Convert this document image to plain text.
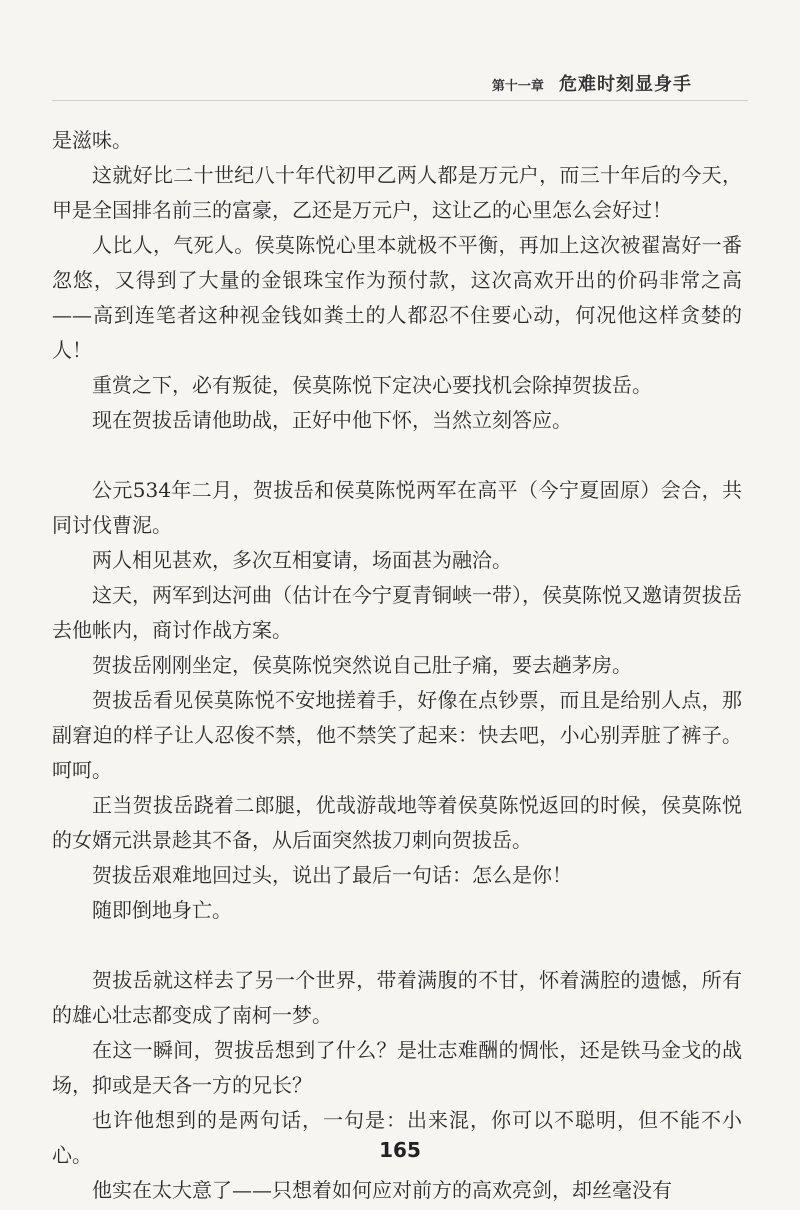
第十一章 危难时刻显身手

是滋味。

这就好比二十世纪八十年代初甲乙两人都是万元户，而三十年后的今天，甲是全国排名前三的富豪，乙还是万元户，这让乙的心里怎么会好过！

人比人，气死人。侯莫陈悦心里本就极不平衡，再加上这次被翟嵩好一番忽悠，又得到了大量的金银珠宝作为预付款，这次高欢开出的价码非常之高——高到连笔者这种视金钱如粪土的人都忍不住要心动，何况他这样贪婪的人！

重赏之下，必有叛徒，侯莫陈悦下定决心要找机会除掉贺拔岳。

现在贺拔岳请他助战，正好中他下怀，当然立刻答应。

公元534年二月，贺拔岳和侯莫陈悦两军在高平（今宁夏固原）会合，共同讨伐曹泥。

两人相见甚欢，多次互相宴请，场面甚为融洽。

这天，两军到达河曲（估计在今宁夏青铜峡一带），侯莫陈悦又邀请贺拔岳去他帐内，商讨作战方案。

贺拔岳刚刚坐定，侯莫陈悦突然说自己肚子痛，要去趟茅房。

贺拔岳看见侯莫陈悦不安地搓着手，好像在点钞票，而且是给别人点，那副窘迫的样子让人忍俊不禁，他不禁笑了起来：快去吧，小心别弄脏了裤子。呵呵。

正当贺拔岳跷着二郎腿，优哉游哉地等着侯莫陈悦返回的时候，侯莫陈悦的女婿元洪景趁其不备，从后面突然拔刀刺向贺拔岳。

贺拔岳艰难地回过头，说出了最后一句话：怎么是你！

随即倒地身亡。

贺拔岳就这样去了另一个世界，带着满腹的不甘，怀着满腔的遗憾，所有的雄心壮志都变成了南柯一梦。

在这一瞬间，贺拔岳想到了什么？是壮志难酬的惆怅，还是铁马金戈的战场，抑或是天各一方的兄长？

也许他想到的是两句话，一句是：出来混，你可以不聪明，但不能不小心。

他实在太大意了——只想着如何应对前方的高欢亮剑，却丝毫没有

165
